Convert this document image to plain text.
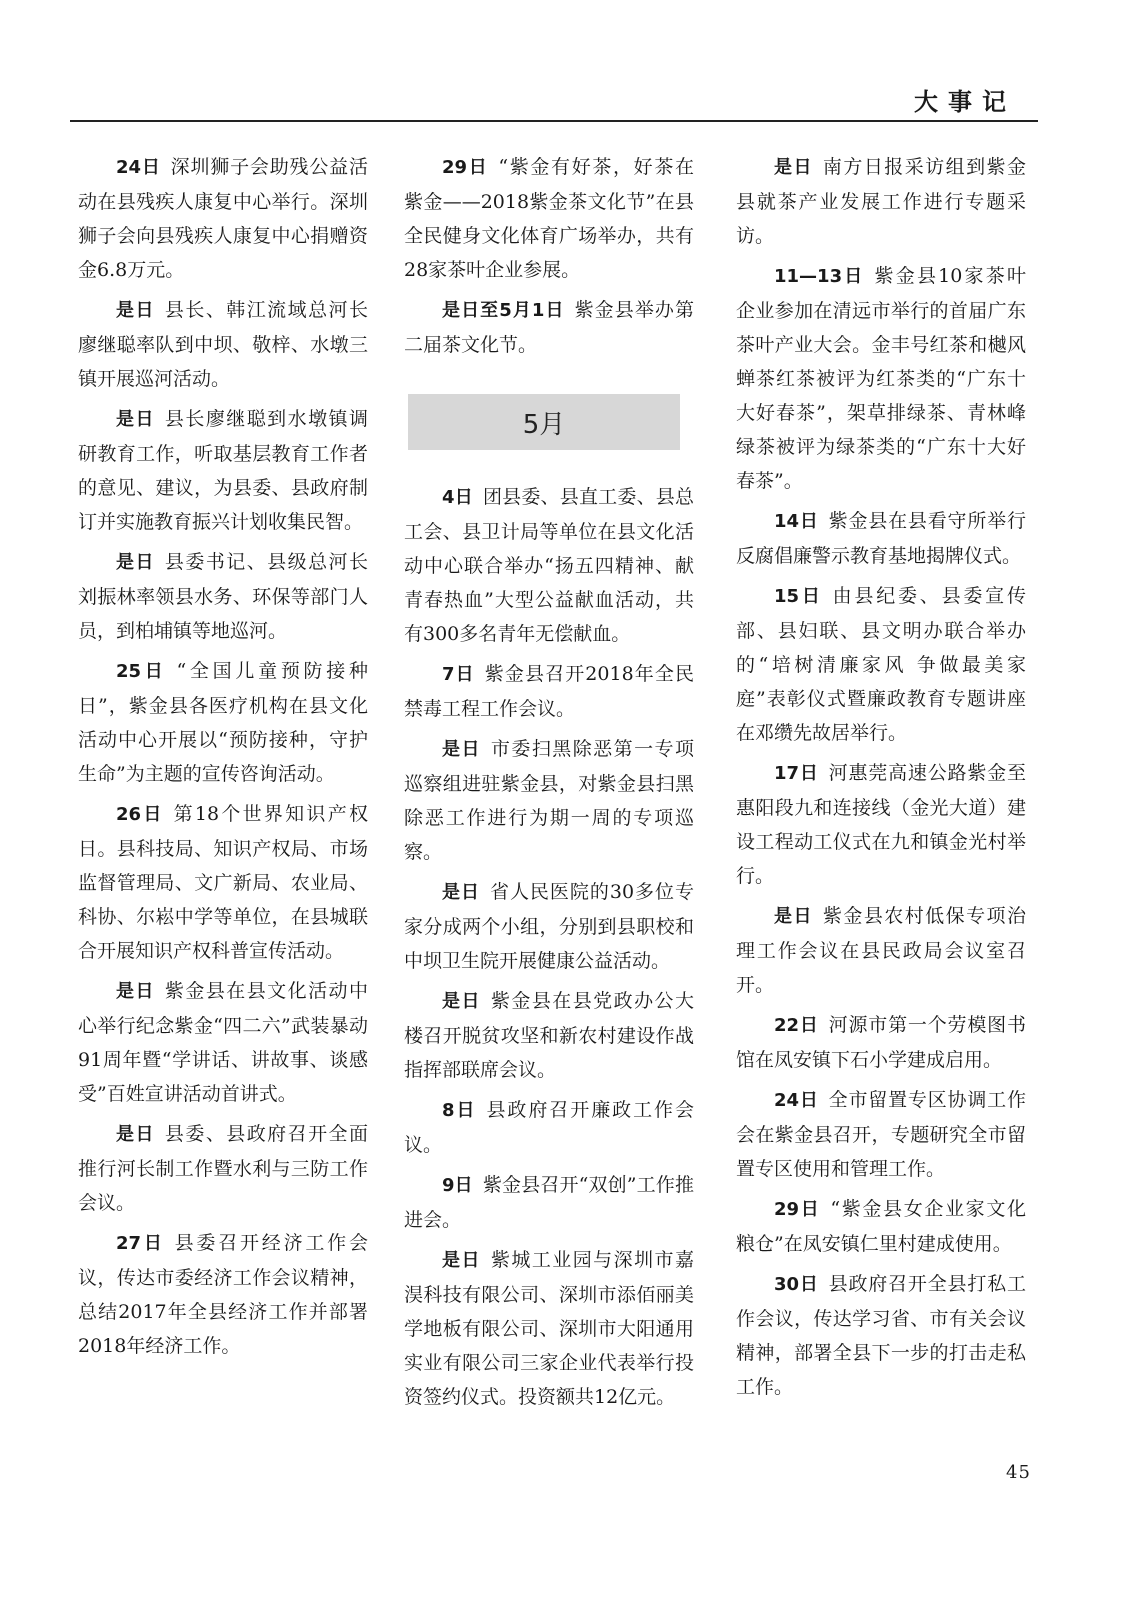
大事记

24日 深圳狮子会助残公益活动在县残疾人康复中心举行。深圳狮子会向县残疾人康复中心捐赠资金6.8万元。

是日 县长、韩江流域总河长廖继聪率队到中坝、敬梓、水墩三镇开展巡河活动。

是日 县长廖继聪到水墩镇调研教育工作，听取基层教育工作者的意见、建议，为县委、县政府制订并实施教育振兴计划收集民智。

是日 县委书记、县级总河长刘振林率领县水务、环保等部门人员，到柏埔镇等地巡河。

25日 “全国儿童预防接种日”，紫金县各医疗机构在县文化活动中心开展以“预防接种，守护生命”为主题的宣传咨询活动。

26日 第18个世界知识产权日。县科技局、知识产权局、市场监督管理局、文广新局、农业局、科协、尔崧中学等单位，在县城联合开展知识产权科普宣传活动。

是日 紫金县在县文化活动中心举行纪念紫金“四二六”武装暴动91周年暨“学讲话、讲故事、谈感受”百姓宣讲活动首讲式。

是日 县委、县政府召开全面推行河长制工作暨水利与三防工作会议。

27日 县委召开经济工作会议，传达市委经济工作会议精神，总结2017年全县经济工作并部署2018年经济工作。

29日 “紫金有好茶，好茶在紫金——2018紫金茶文化节”在县全民健身文化体育广场举办，共有28家茶叶企业参展。

是日至5月1日 紫金县举办第二届茶文化节。

5月

4日 团县委、县直工委、县总工会、县卫计局等单位在县文化活动中心联合举办“扬五四精神、献青春热血”大型公益献血活动，共有300多名青年无偿献血。

7日 紫金县召开2018年全民禁毒工程工作会议。

是日 市委扫黑除恶第一专项巡察组进驻紫金县，对紫金县扫黑除恶工作进行为期一周的专项巡察。

是日 省人民医院的30多位专家分成两个小组，分别到县职校和中坝卫生院开展健康公益活动。

是日 紫金县在县党政办公大楼召开脱贫攻坚和新农村建设作战指挥部联席会议。

8日 县政府召开廉政工作会议。

9日 紫金县召开“双创”工作推进会。

是日 紫城工业园与深圳市嘉淏科技有限公司、深圳市添佰丽美学地板有限公司、深圳市大阳通用实业有限公司三家企业代表举行投资签约仪式。投资额共12亿元。

是日 南方日报采访组到紫金县就茶产业发展工作进行专题采访。

11—13日 紫金县10家茶叶企业参加在清远市举行的首届广东茶叶产业大会。金丰号红茶和樾风蝉茶红茶被评为红茶类的“广东十大好春茶”，架草排绿茶、青林峰绿茶被评为绿茶类的“广东十大好春茶”。

14日 紫金县在县看守所举行反腐倡廉警示教育基地揭牌仪式。

15日 由县纪委、县委宣传部、县妇联、县文明办联合举办的“培树清廉家风 争做最美家庭”表彰仪式暨廉政教育专题讲座在邓缵先故居举行。

17日 河惠莞高速公路紫金至惠阳段九和连接线（金光大道）建设工程动工仪式在九和镇金光村举行。

是日 紫金县农村低保专项治理工作会议在县民政局会议室召开。

22日 河源市第一个劳模图书馆在凤安镇下石小学建成启用。

24日 全市留置专区协调工作会在紫金县召开，专题研究全市留置专区使用和管理工作。

29日 “紫金县女企业家文化粮仓”在凤安镇仁里村建成使用。

30日 县政府召开全县打私工作会议，传达学习省、市有关会议精神，部署全县下一步的打击走私工作。

45
